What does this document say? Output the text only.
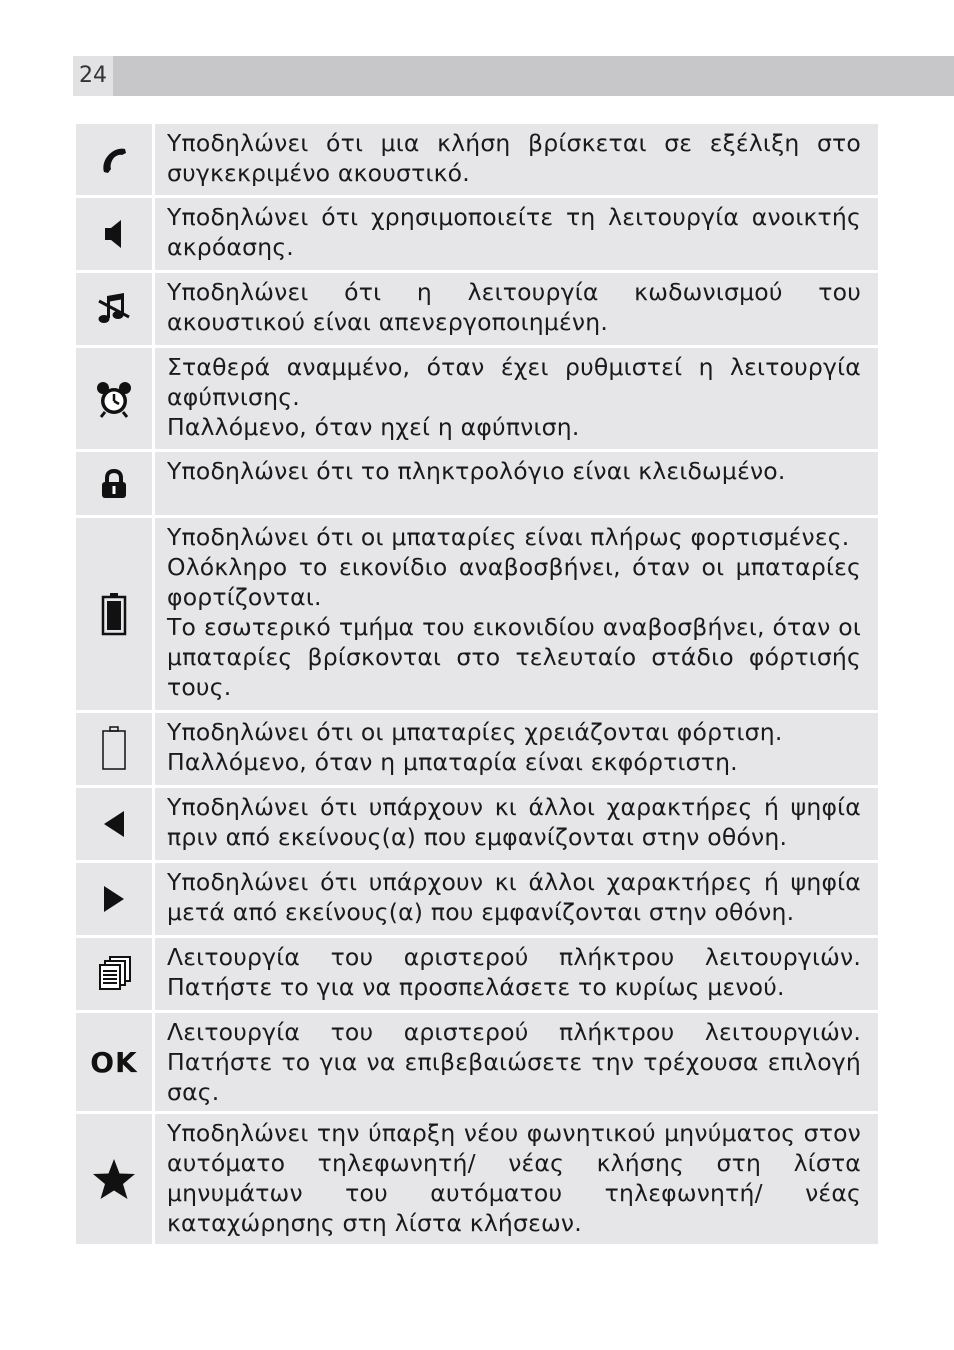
24

Υποδηλώνει ότι μια κλήση βρίσκεται σε εξέλιξη στο συγκεκριμένο ακουστικό.

Υποδηλώνει ότι χρησιμοποιείτε τη λειτουργία ανοικτής ακρόασης.

Υποδηλώνει ότι η λειτουργία κωδωνισμού του ακουστικού είναι απενεργοποιημένη.

Σταθερά αναμμένο, όταν έχει ρυθμιστεί η λειτουργία αφύπνισης.
Παλλόμενο, όταν ηχεί η αφύπνιση.

Υποδηλώνει ότι το πληκτρολόγιο είναι κλειδωμένο.

Υποδηλώνει ότι οι μπαταρίες είναι πλήρως φορτισμένες.
Ολόκληρο το εικονίδιο αναβοσβήνει, όταν οι μπαταρίες φορτίζονται.
Το εσωτερικό τμήμα του εικονιδίου αναβοσβήνει, όταν οι μπαταρίες βρίσκονται στο τελευταίο στάδιο φόρτισής τους.

Υποδηλώνει ότι οι μπαταρίες χρειάζονται φόρτιση.
Παλλόμενο, όταν η μπαταρία είναι εκφόρτιστη.

Υποδηλώνει ότι υπάρχουν κι άλλοι χαρακτήρες ή ψηφία πριν από εκείνους(α) που εμφανίζονται στην οθόνη.

Υποδηλώνει ότι υπάρχουν κι άλλοι χαρακτήρες ή ψηφία μετά από εκείνους(α) που εμφανίζονται στην οθόνη.

Λειτουργία του αριστερού πλήκτρου λειτουργιών. Πατήστε το για να προσπελάσετε το κυρίως μενού.

OK	Λειτουργία του αριστερού πλήκτρου λειτουργιών. Πατήστε το για να επιβεβαιώσετε την τρέχουσα επιλογή σας.

Υποδηλώνει την ύπαρξη νέου φωνητικού μηνύματος στον αυτόματο τηλεφωνητή/ νέας κλήσης στη λίστα μηνυμάτων του αυτόματου τηλεφωνητή/ νέας καταχώρησης στη λίστα κλήσεων.
